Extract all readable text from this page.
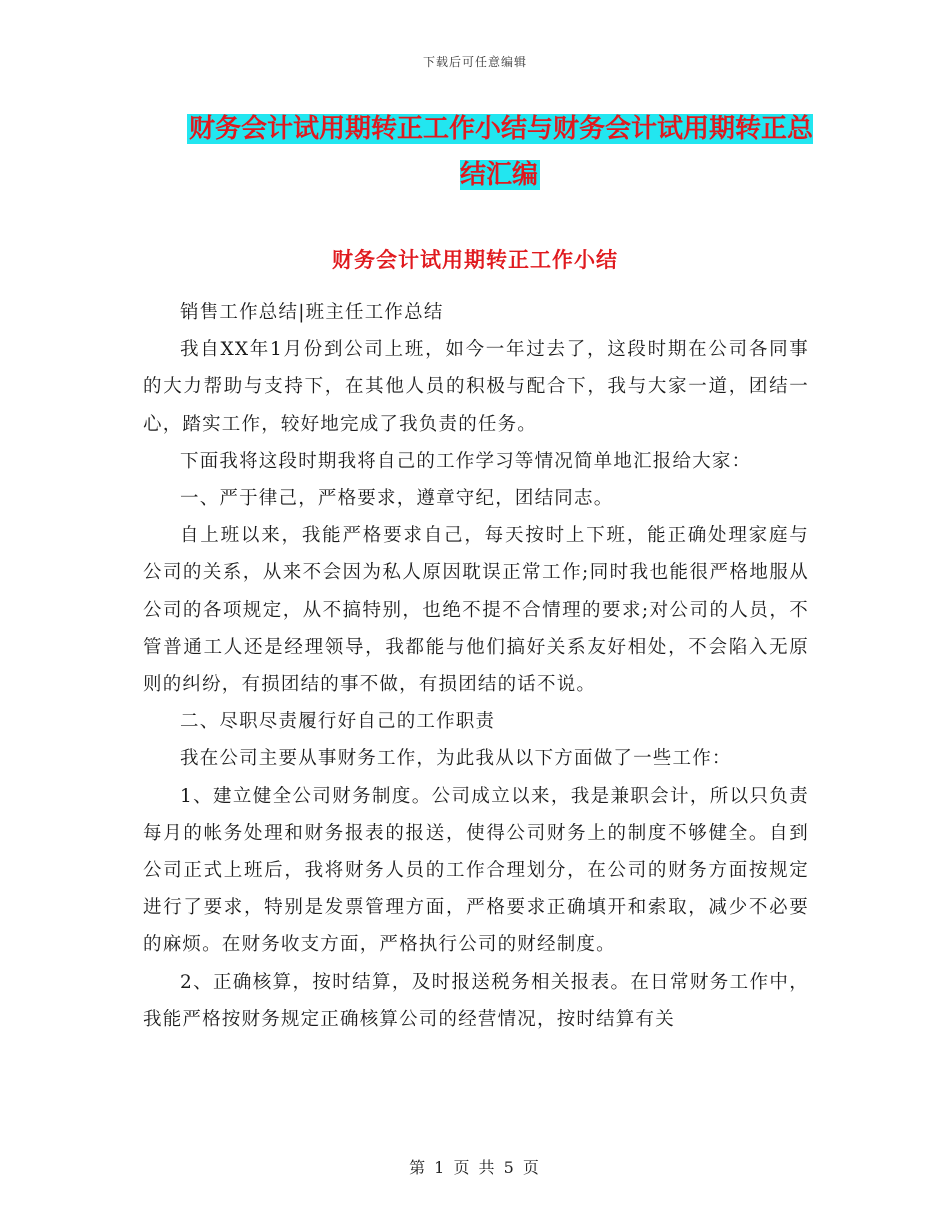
下载后可任意编辑
财务会计试用期转正工作小结与财务会计试用期转正总结汇编
财务会计试用期转正工作小结

销售工作总结|班主任工作总结

我自XX年1月份到公司上班，如今一年过去了，这段时期在公司各同事的大力帮助与支持下，在其他人员的积极与配合下，我与大家一道，团结一心，踏实工作，较好地完成了我负责的任务。

下面我将这段时期我将自己的工作学习等情况简单地汇报给大家：

一、严于律己，严格要求，遵章守纪，团结同志。

自上班以来，我能严格要求自己，每天按时上下班，能正确处理家庭与公司的关系，从来不会因为私人原因耽误正常工作;同时我也能很严格地服从公司的各项规定，从不搞特别，也绝不提不合情理的要求;对公司的人员，不管普通工人还是经理领导，我都能与他们搞好关系友好相处，不会陷入无原则的纠纷，有损团结的事不做，有损团结的话不说。

二、尽职尽责履行好自己的工作职责

我在公司主要从事财务工作，为此我从以下方面做了一些工作：

1、建立健全公司财务制度。公司成立以来，我是兼职会计，所以只负责每月的帐务处理和财务报表的报送，使得公司财务上的制度不够健全。自到公司正式上班后，我将财务人员的工作合理划分，在公司的财务方面按规定进行了要求，特别是发票管理方面，严格要求正确填开和索取，减少不必要的麻烦。在财务收支方面，严格执行公司的财经制度。

2、正确核算，按时结算，及时报送税务相关报表。在日常财务工作中，我能严格按财务规定正确核算公司的经营情况，按时结算有关

第 1 页 共 5 页
